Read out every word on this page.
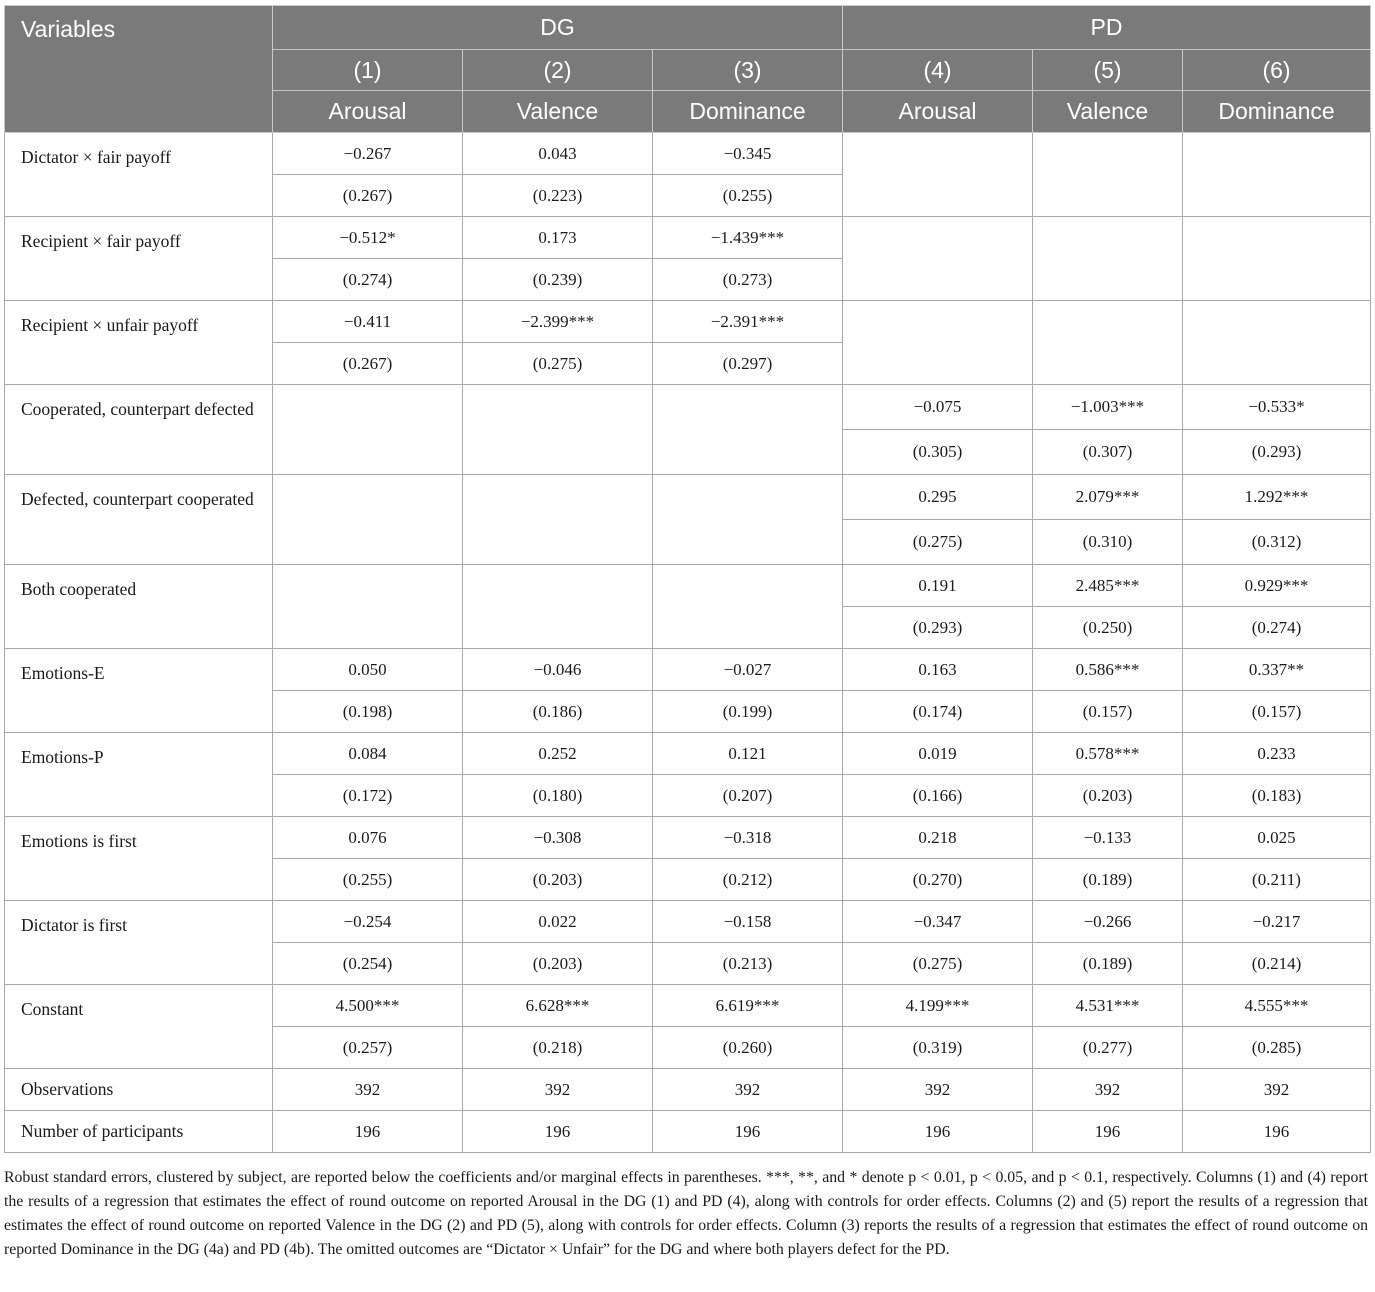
Variables	DG			PD		
	(1)	(2)	(3)	(4)	(5)	(6)
	Arousal	Valence	Dominance	Arousal	Valence	Dominance
Dictator × fair payoff	−0.267	0.043	−0.345			
	(0.267)	(0.223)	(0.255)			
Recipient × fair payoff	−0.512*	0.173	−1.439***			
	(0.274)	(0.239)	(0.273)			
Recipient × unfair payoff	−0.411	−2.399***	−2.391***			
	(0.267)	(0.275)	(0.297)			
Cooperated, counterpart defected				−0.075	−1.003***	−0.533*
				(0.305)	(0.307)	(0.293)
Defected, counterpart cooperated				0.295	2.079***	1.292***
				(0.275)	(0.310)	(0.312)
Both cooperated				0.191	2.485***	0.929***
				(0.293)	(0.250)	(0.274)
Emotions-E	0.050	−0.046	−0.027	0.163	0.586***	0.337**
	(0.198)	(0.186)	(0.199)	(0.174)	(0.157)	(0.157)
Emotions-P	0.084	0.252	0.121	0.019	0.578***	0.233
	(0.172)	(0.180)	(0.207)	(0.166)	(0.203)	(0.183)
Emotions is first	0.076	−0.308	−0.318	0.218	−0.133	0.025
	(0.255)	(0.203)	(0.212)	(0.270)	(0.189)	(0.211)
Dictator is first	−0.254	0.022	−0.158	−0.347	−0.266	−0.217
	(0.254)	(0.203)	(0.213)	(0.275)	(0.189)	(0.214)
Constant	4.500***	6.628***	6.619***	4.199***	4.531***	4.555***
	(0.257)	(0.218)	(0.260)	(0.319)	(0.277)	(0.285)
Observations	392	392	392	392	392	392
Number of participants	196	196	196	196	196	196
Robust standard errors, clustered by subject, are reported below the coefficients and/or marginal effects in parentheses. ***, **, and * denote p < 0.01, p < 0.05, and p < 0.1, respectively. Columns (1) and (4) report the results of a regression that estimates the effect of round outcome on reported Arousal in the DG (1) and PD (4), along with controls for order effects. Columns (2) and (5) report the results of a regression that estimates the effect of round outcome on reported Valence in the DG (2) and PD (5), along with controls for order effects. Column (3) reports the results of a regression that estimates the effect of round outcome on reported Dominance in the DG (4a) and PD (4b). The omitted outcomes are “Dictator × Unfair” for the DG and where both players defect for the PD.
